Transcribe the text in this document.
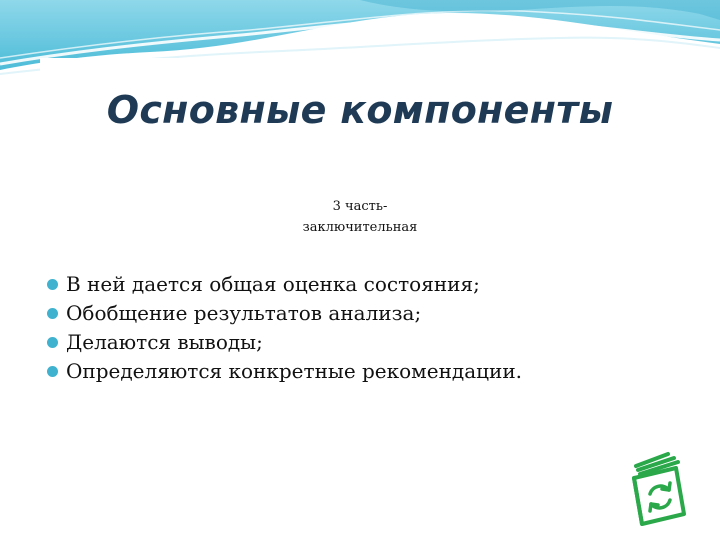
Основные компоненты
3 часть-
заключительная
В ней дается общая оценка состояния;
Обобщение результатов анализа;
Делаются выводы;
Определяются конкретные рекомендации.
